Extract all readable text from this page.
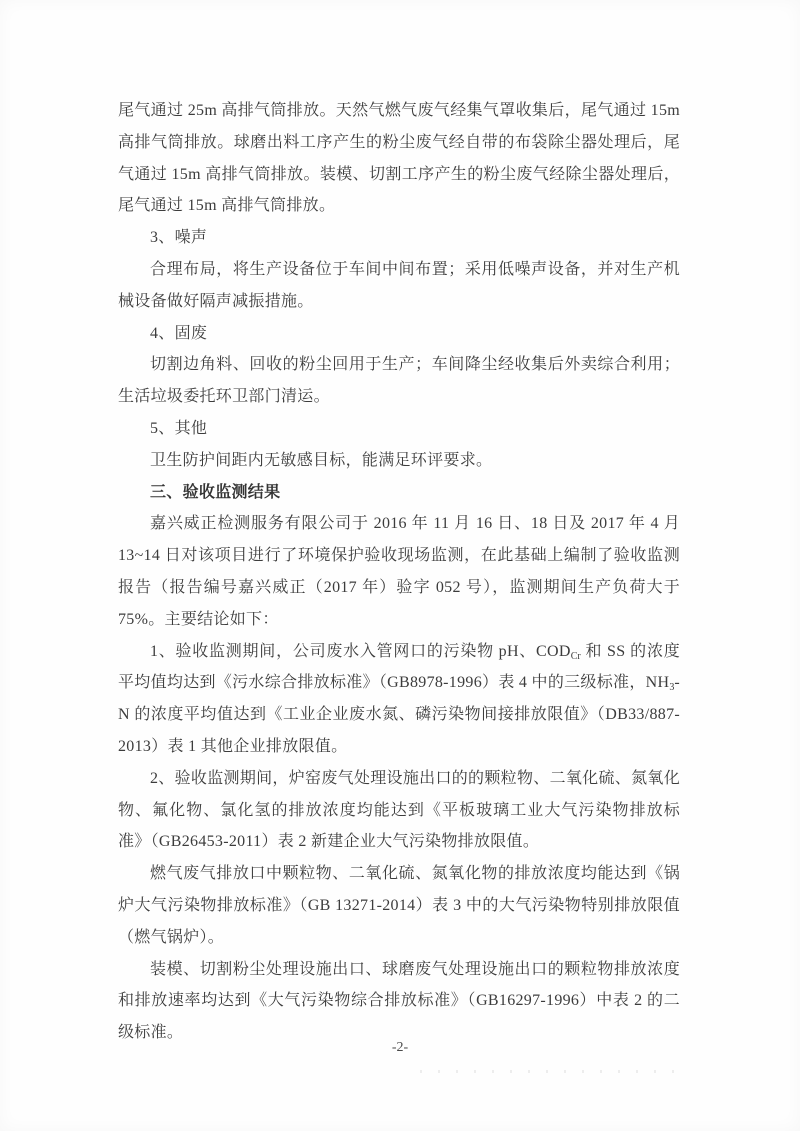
尾气通过 25m 高排气筒排放。天然气燃气废气经集气罩收集后，尾气通过 15m 高排气筒排放。球磨出料工序产生的粉尘废气经自带的布袋除尘器处理后，尾气通过 15m 高排气筒排放。装模、切割工序产生的粉尘废气经除尘器处理后，尾气通过 15m 高排气筒排放。

3、噪声

合理布局，将生产设备位于车间中间布置；采用低噪声设备，并对生产机械设备做好隔声减振措施。

4、固废

切割边角料、回收的粉尘回用于生产；车间降尘经收集后外卖综合利用；生活垃圾委托环卫部门清运。

5、其他

卫生防护间距内无敏感目标，能满足环评要求。

三、验收监测结果

嘉兴威正检测服务有限公司于 2016 年 11 月 16 日、18 日及 2017 年 4 月 13~14 日对该项目进行了环境保护验收现场监测，在此基础上编制了验收监测报告（报告编号嘉兴威正（2017 年）验字 052 号），监测期间生产负荷大于 75%。主要结论如下：

1、验收监测期间，公司废水入管网口的污染物 pH、$COD_{Cr}$ 和 SS 的浓度平均值均达到《污水综合排放标准》（GB8978-1996）表 4 中的三级标准，$NH_3-N$ 的浓度平均值达到《工业企业废水氮、磷污染物间接排放限值》（DB33/887-2013）表 1 其他企业排放限值。

2、验收监测期间，炉窑废气处理设施出口的的颗粒物、二氧化硫、氮氧化物、氟化物、氯化氢的排放浓度均能达到《平板玻璃工业大气污染物排放标准》（GB26453-2011）表 2 新建企业大气污染物排放限值。

燃气废气排放口中颗粒物、二氧化硫、氮氧化物的排放浓度均能达到《锅炉大气污染物排放标准》（GB 13271-2014）表 3 中的大气污染物特别排放限值 （燃气锅炉）。

装模、切割粉尘处理设施出口、球磨废气处理设施出口的颗粒物排放浓度和排放速率均达到《大气污染物综合排放标准》（GB16297-1996）中表 2 的二级标准。

-2-
